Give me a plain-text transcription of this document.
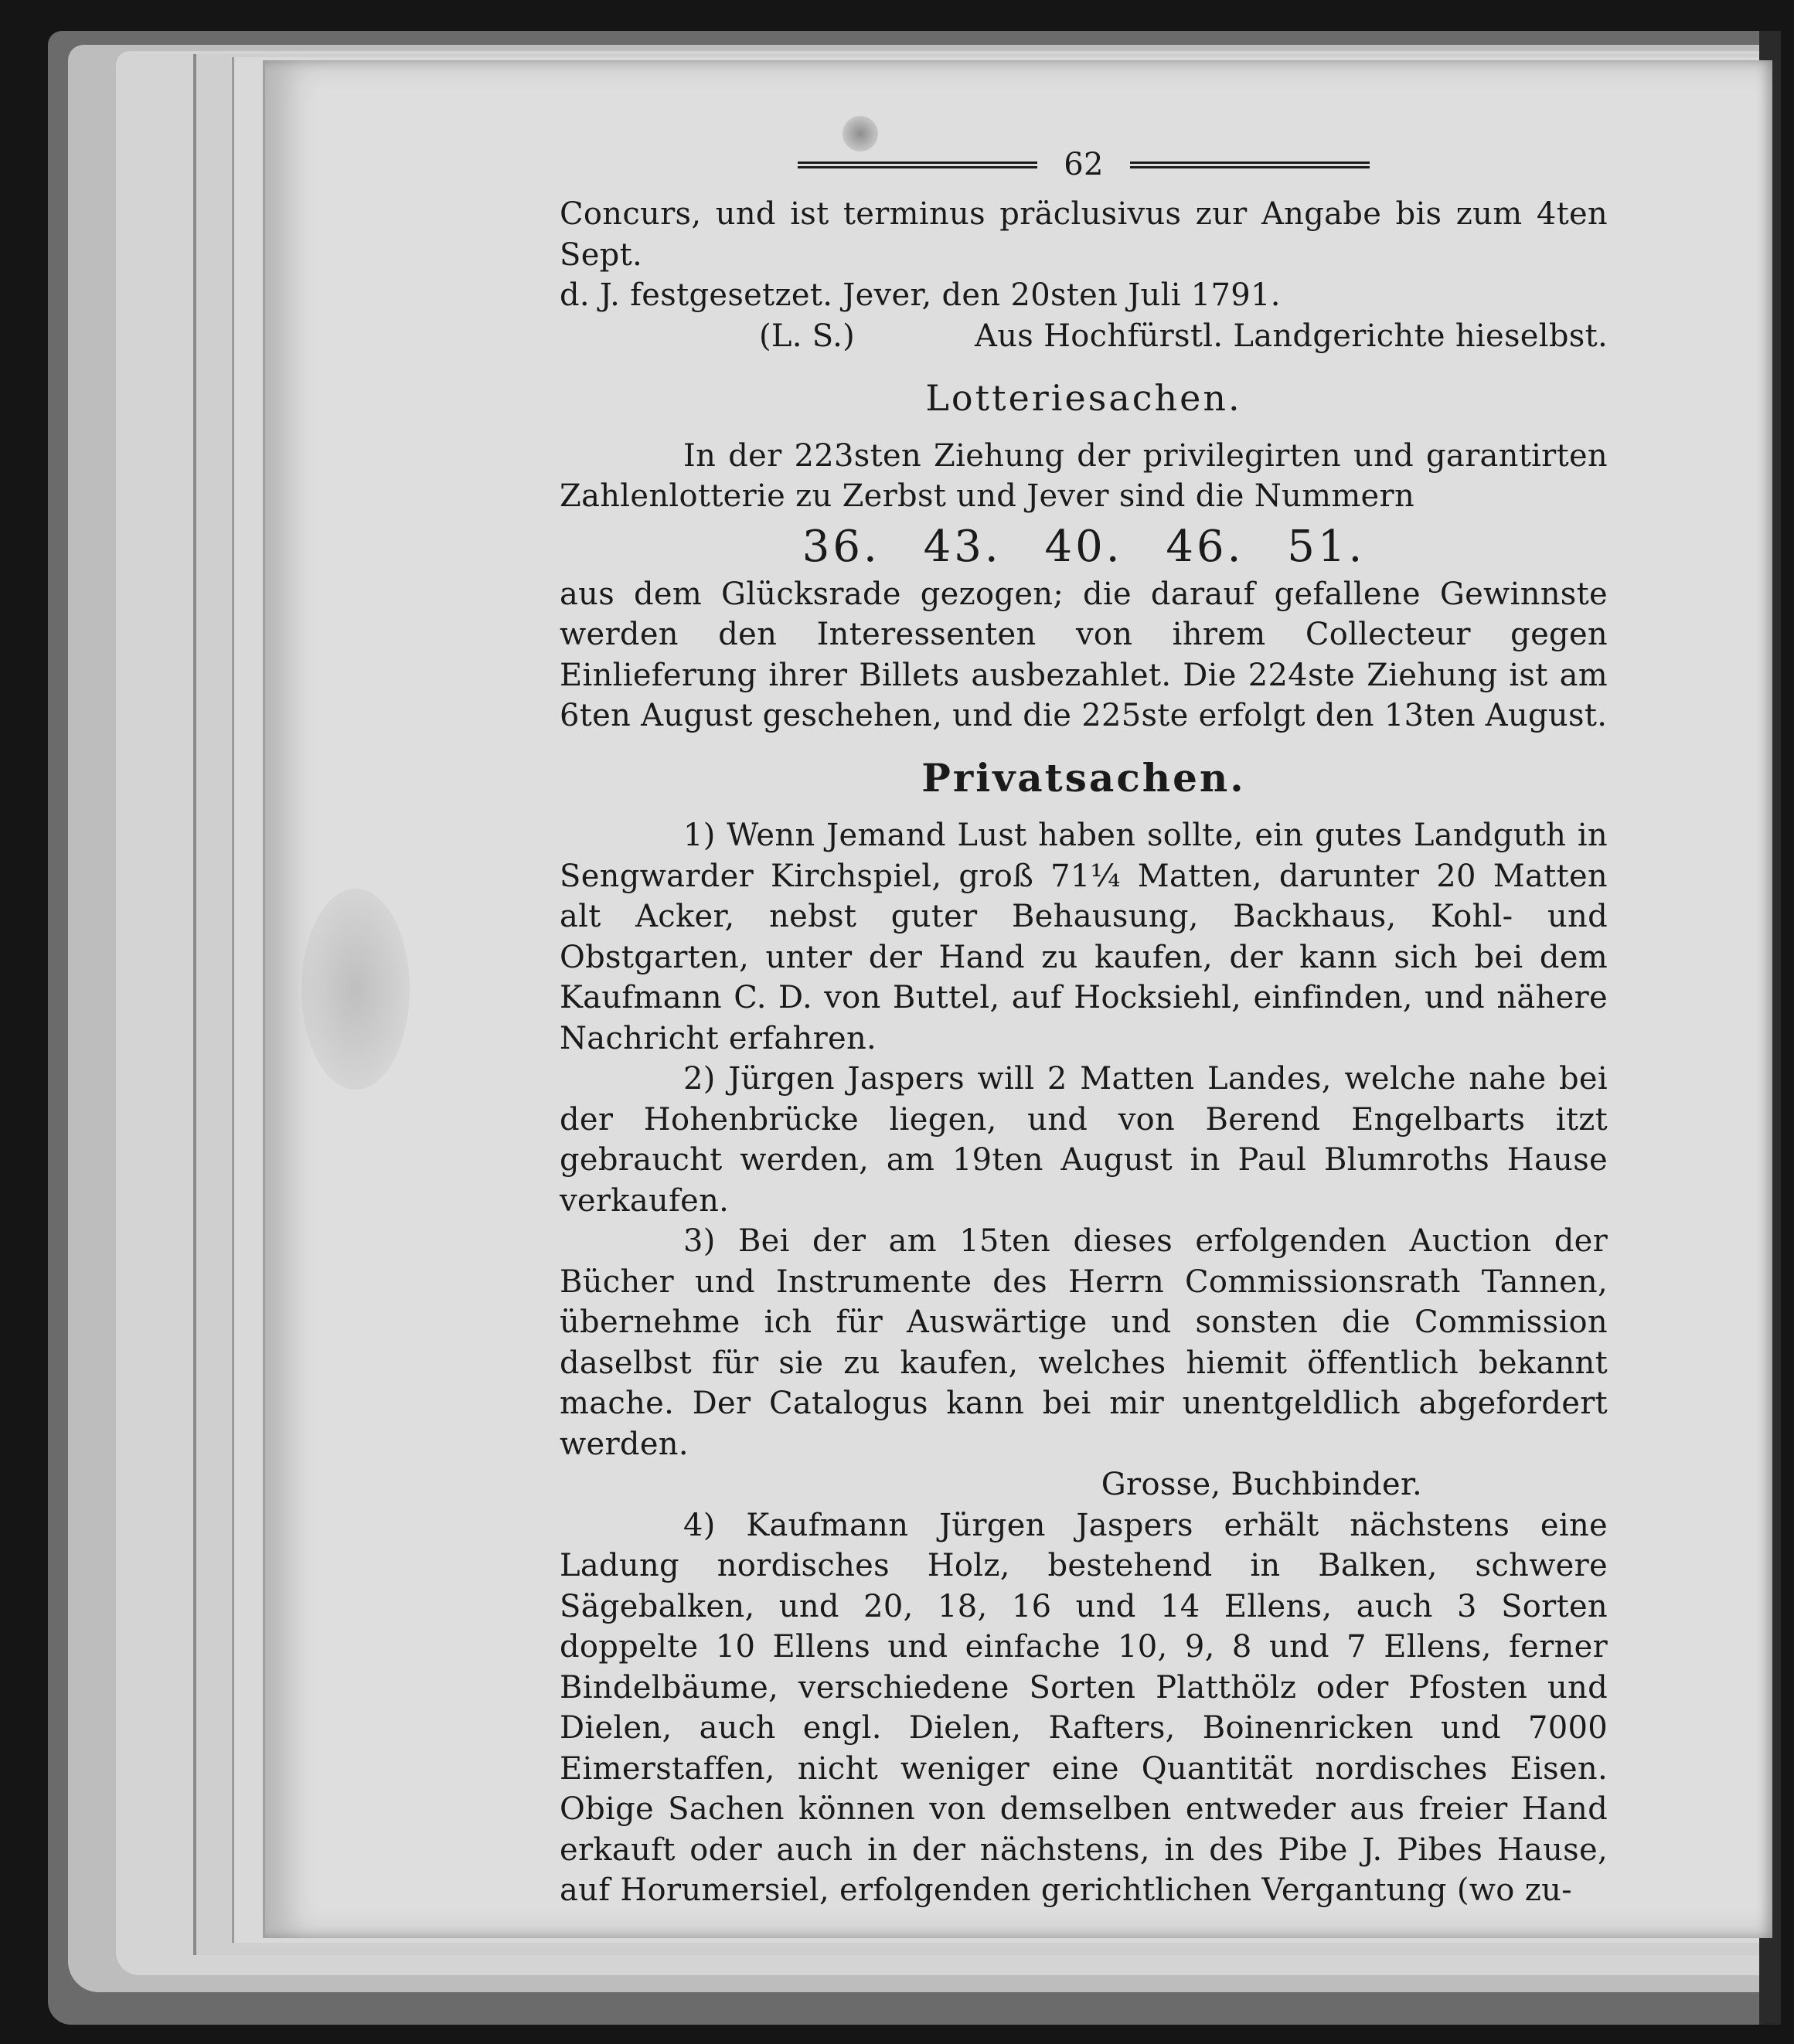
62

Concurs, und ist terminus präclusivus zur Angabe bis zum 4ten Sept.

d. J. festgesetzet. Jever, den 20sten Juli 1791.

(L. S.)	Aus Hochfürstl. Landgerichte hieselbst.
Lotteriesachen.

In der 223sten Ziehung der privilegirten und garantirten Zahlenlotterie zu Zerbst und Jever sind die Nummern

36. 43. 40. 46. 51.

aus dem Glücksrade gezogen; die darauf gefallene Gewinnste werden den Interessenten von ihrem Collecteur gegen Einlieferung ihrer Billets ausbezahlet. Die 224ste Ziehung ist am 6ten August geschehen, und die 225ste erfolgt den 13ten August.

Privatsachen.

1) Wenn Jemand Lust haben sollte, ein gutes Landguth in Sengwarder Kirchspiel, groß 71¼ Matten, darunter 20 Matten alt Acker, nebst guter Behausung, Backhaus, Kohl- und Obstgarten, unter der Hand zu kaufen, der kann sich bei dem Kaufmann C. D. von Buttel, auf Hocksiehl, einfinden, und nähere Nachricht erfahren.

2) Jürgen Jaspers will 2 Matten Landes, welche nahe bei der Hohenbrücke liegen, und von Berend Engelbarts itzt gebraucht werden, am 19ten August in Paul Blumroths Hause verkaufen.

3) Bei der am 15ten dieses erfolgenden Auction der Bücher und Instrumente des Herrn Commissionsrath Tannen, übernehme ich für Auswärtige und sonsten die Commission daselbst für sie zu kaufen, welches hiemit öffentlich bekannt mache. Der Catalogus kann bei mir unentgeldlich abgefordert werden.

Grosse, Buchbinder.

4) Kaufmann Jürgen Jaspers erhält nächstens eine Ladung nordisches Holz, bestehend in Balken, schwere Sägebalken, und 20, 18, 16 und 14 Ellens, auch 3 Sorten doppelte 10 Ellens und einfache 10, 9, 8 und 7 Ellens, ferner Bindelbäume, verschiedene Sorten Platthölz oder Pfosten und Dielen, auch engl. Dielen, Rafters, Boinenricken und 7000 Eimerstaffen, nicht weniger eine Quantität nordisches Eisen. Obige Sachen können von demselben entweder aus freier Hand erkauft oder auch in der nächstens, in des Pibe J. Pibes Hause, auf Horumersiel, erfolgenden gerichtlichen Vergantung (wo zu-
